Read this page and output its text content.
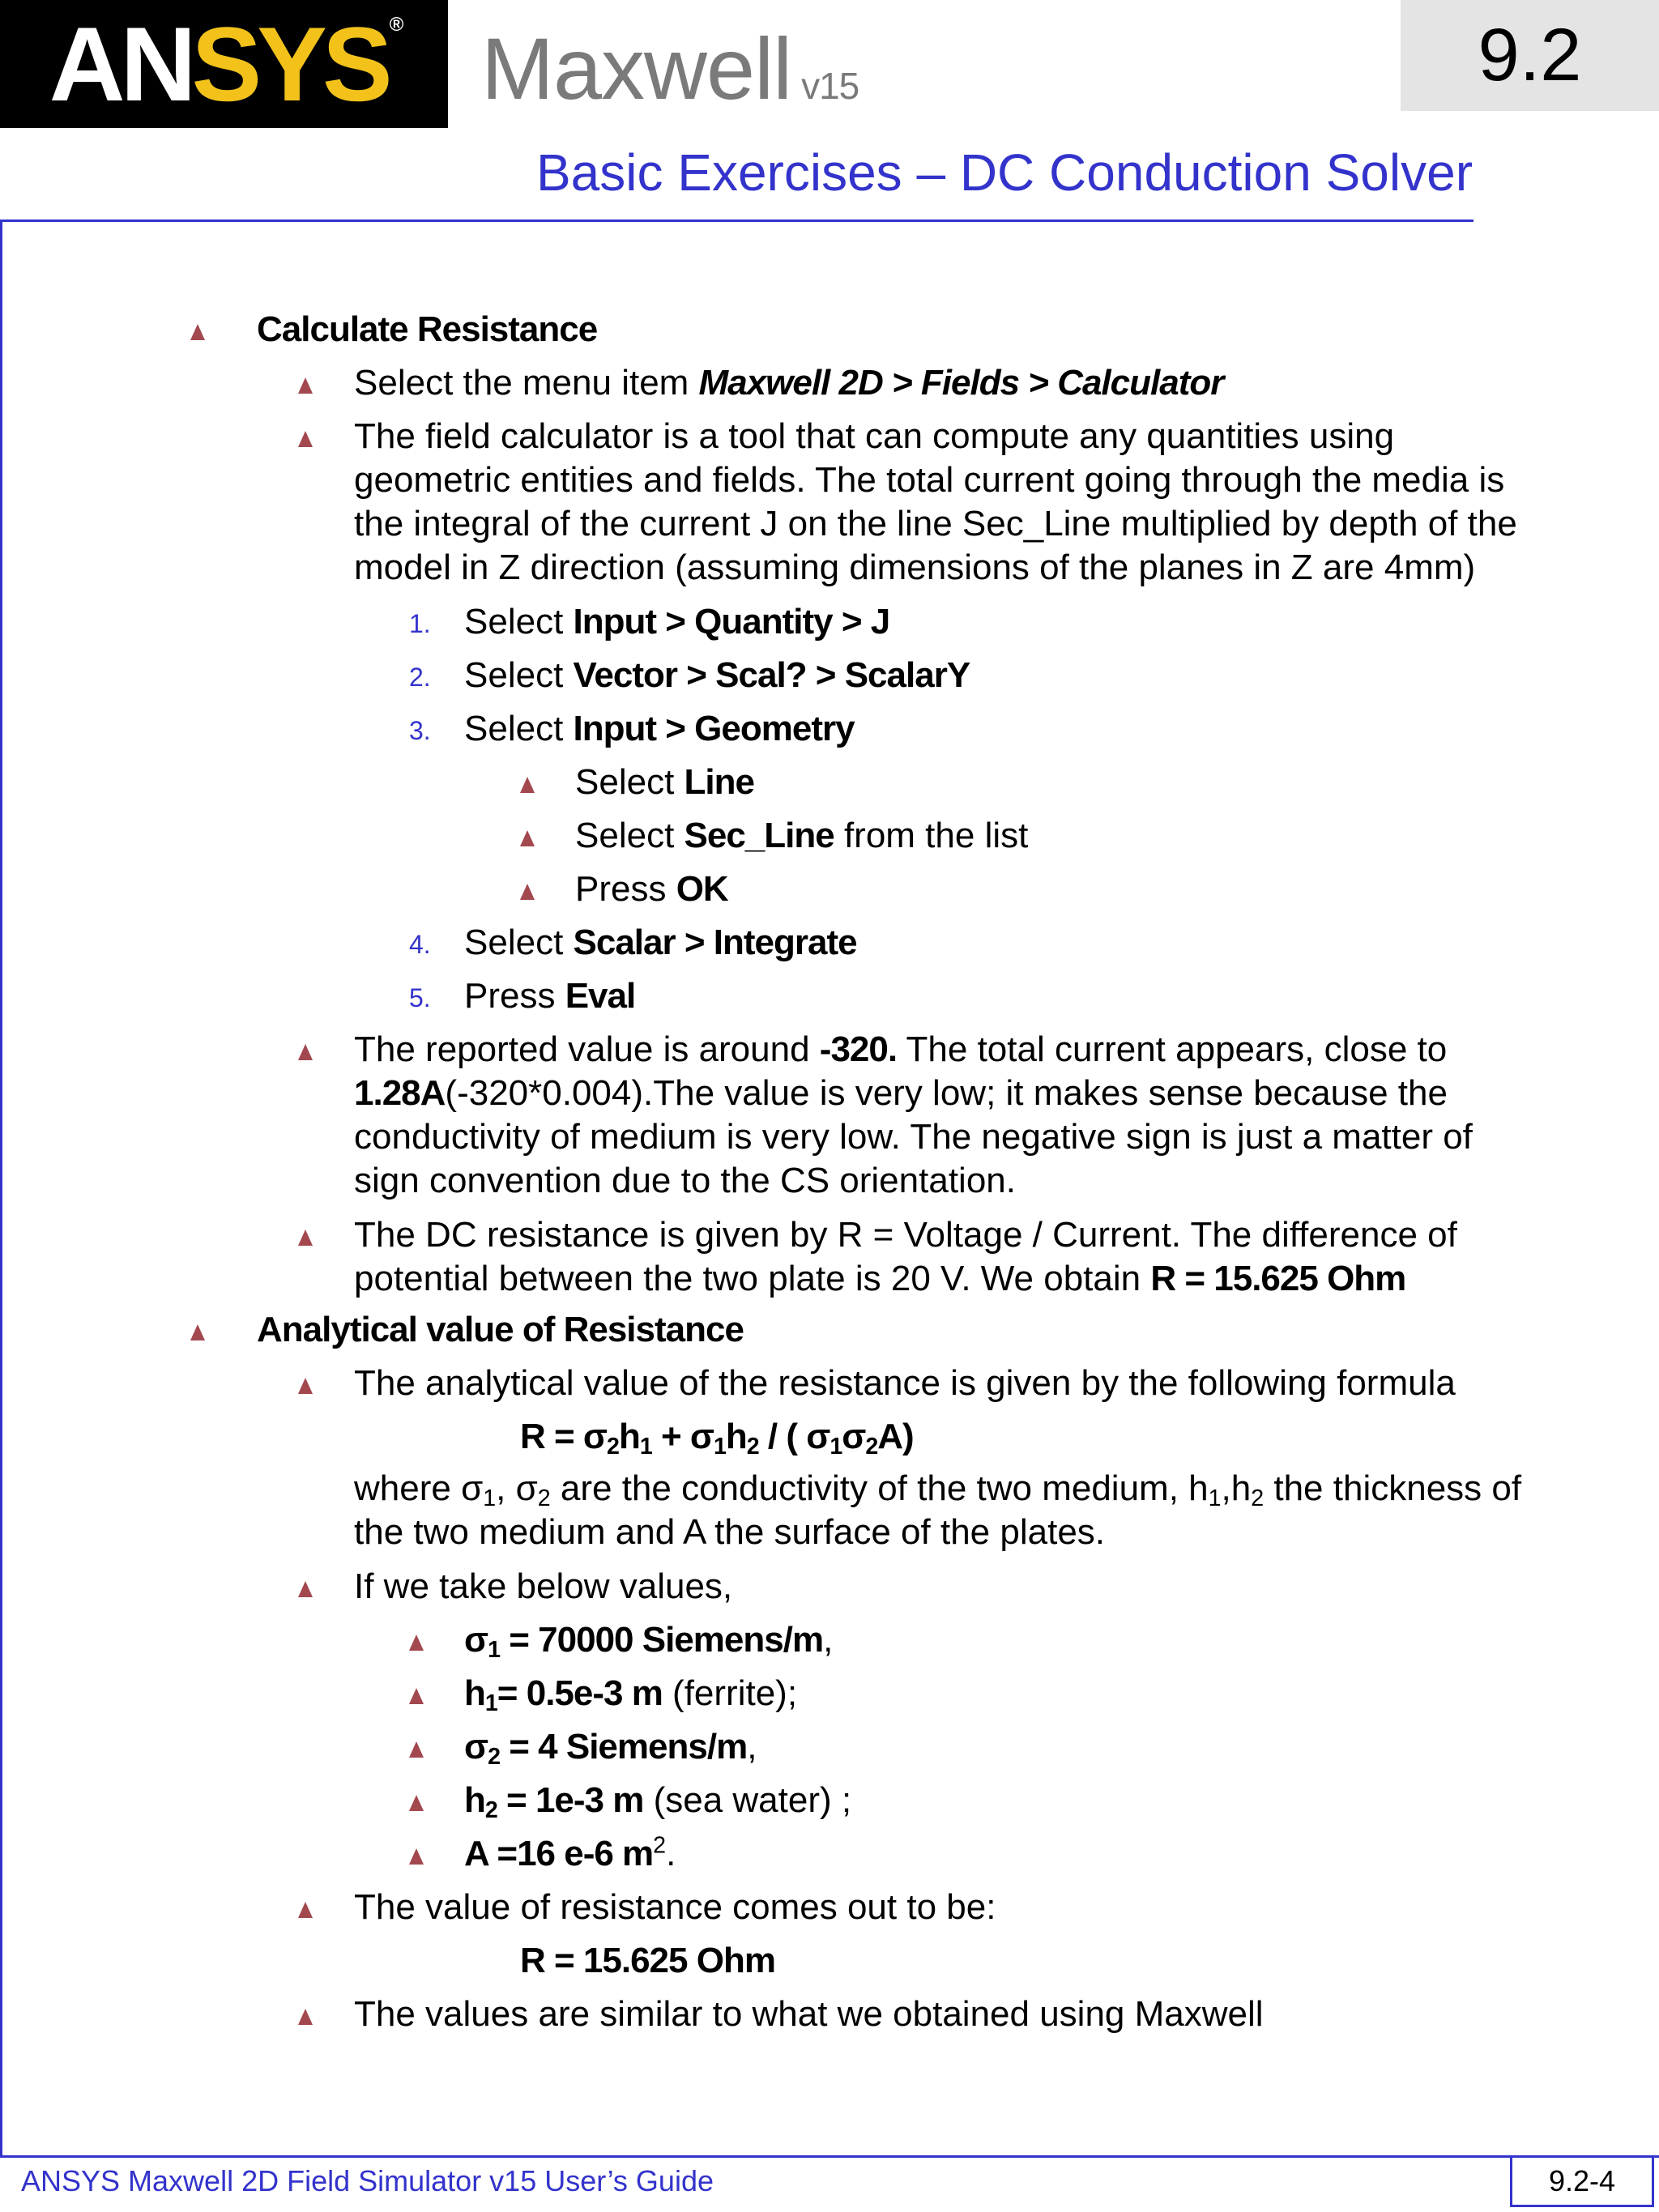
AN SYS ® Maxwell v15	9.2
Basic Exercises – DC Conduction Solver
Calculate Resistance
Select the menu item Maxwell 2D > Fields > Calculator
The field calculator is a tool that can compute any quantities using
geometric entities and fields. The total current going through the media is
the integral of the current J on the line Sec_Line multiplied by depth of the
model in Z direction (assuming dimensions of the planes in Z are 4mm)
1. Select Input > Quantity > J
2. Select Vector > Scal? > ScalarY
3. Select Input > Geometry
Select Line
Select Sec_Line from the list
Press OK
4. Select Scalar > Integrate
5. Press Eval
The reported value is around -320. The total current appears, close to
1.28A(-320*0.004).The value is very low; it makes sense because the
conductivity of medium is very low. The negative sign is just a matter of
sign convention due to the CS orientation.
The DC resistance is given by R = Voltage / Current. The difference of
potential between the two plate is 20 V. We obtain R = 15.625 Ohm
Analytical value of Resistance
The analytical value of the resistance is given by the following formula
$R = \sigma_2h_1 + \sigma_1h_2$ / ( $\sigma_1\sigma_2A$)
where $\sigma_1$, $\sigma_2$ are the conductivity of the two medium, $h_1,h_2$ the thickness of
the two medium and A the surface of the plates.
If we take below values,
$\sigma_1 = 70000$ Siemens/m,
$h_1= 0.5e-3$ m (ferrite);
$\sigma_2 = 4$ Siemens/m,
$h_2 = 1e-3$ m (sea water) ;
A =16 e-6 $m^2$.
The value of resistance comes out to be:
R = 15.625 Ohm
The values are similar to what we obtained using Maxwell
ANSYS Maxwell 2D Field Simulator v15 User’s Guide	9.2-4
